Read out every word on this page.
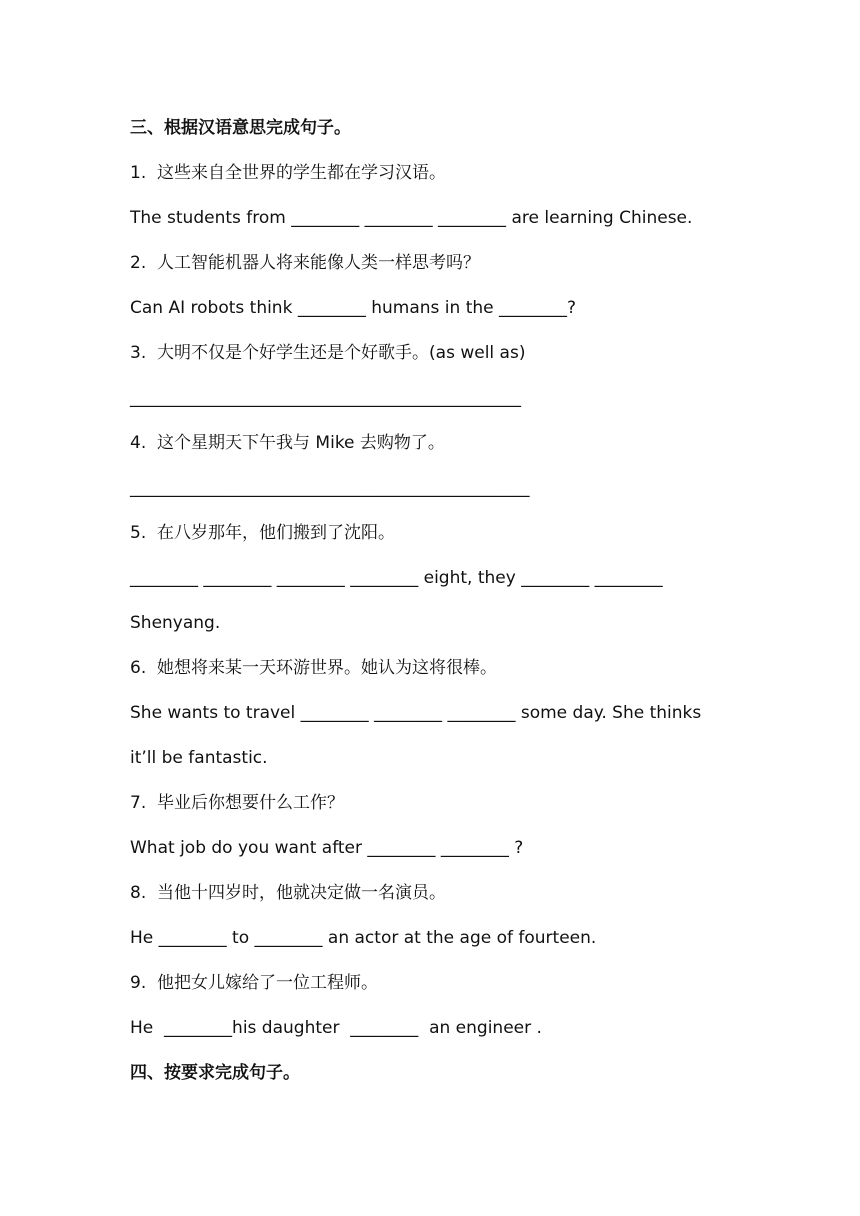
三、根据汉语意思完成句子。
1.  这些来自全世界的学生都在学习汉语。
The students from ________ ________ ________ are learning Chinese.
2.  人工智能机器人将来能像人类一样思考吗？
Can AI robots think ________ humans in the ________?
3.  大明不仅是个好学生还是个好歌手。(as well as)
______________________________________________
4.  这个星期天下午我与 Mike 去购物了。
_______________________________________________
5.  在八岁那年，他们搬到了沈阳。
________ ________ ________ ________ eight, they ________ ________
Shenyang.
6.  她想将来某一天环游世界。她认为这将很棒。
She wants to travel ________ ________ ________ some day. She thinks
it’ll be fantastic.
7.  毕业后你想要什么工作？
What job do you want after ________ ________ ?
8.  当他十四岁时，他就决定做一名演员。
He ________ to ________ an actor at the age of fourteen.
9.  他把女儿嫁给了一位工程师。
He  ________his daughter  ________  an engineer .
四、按要求完成句子。
